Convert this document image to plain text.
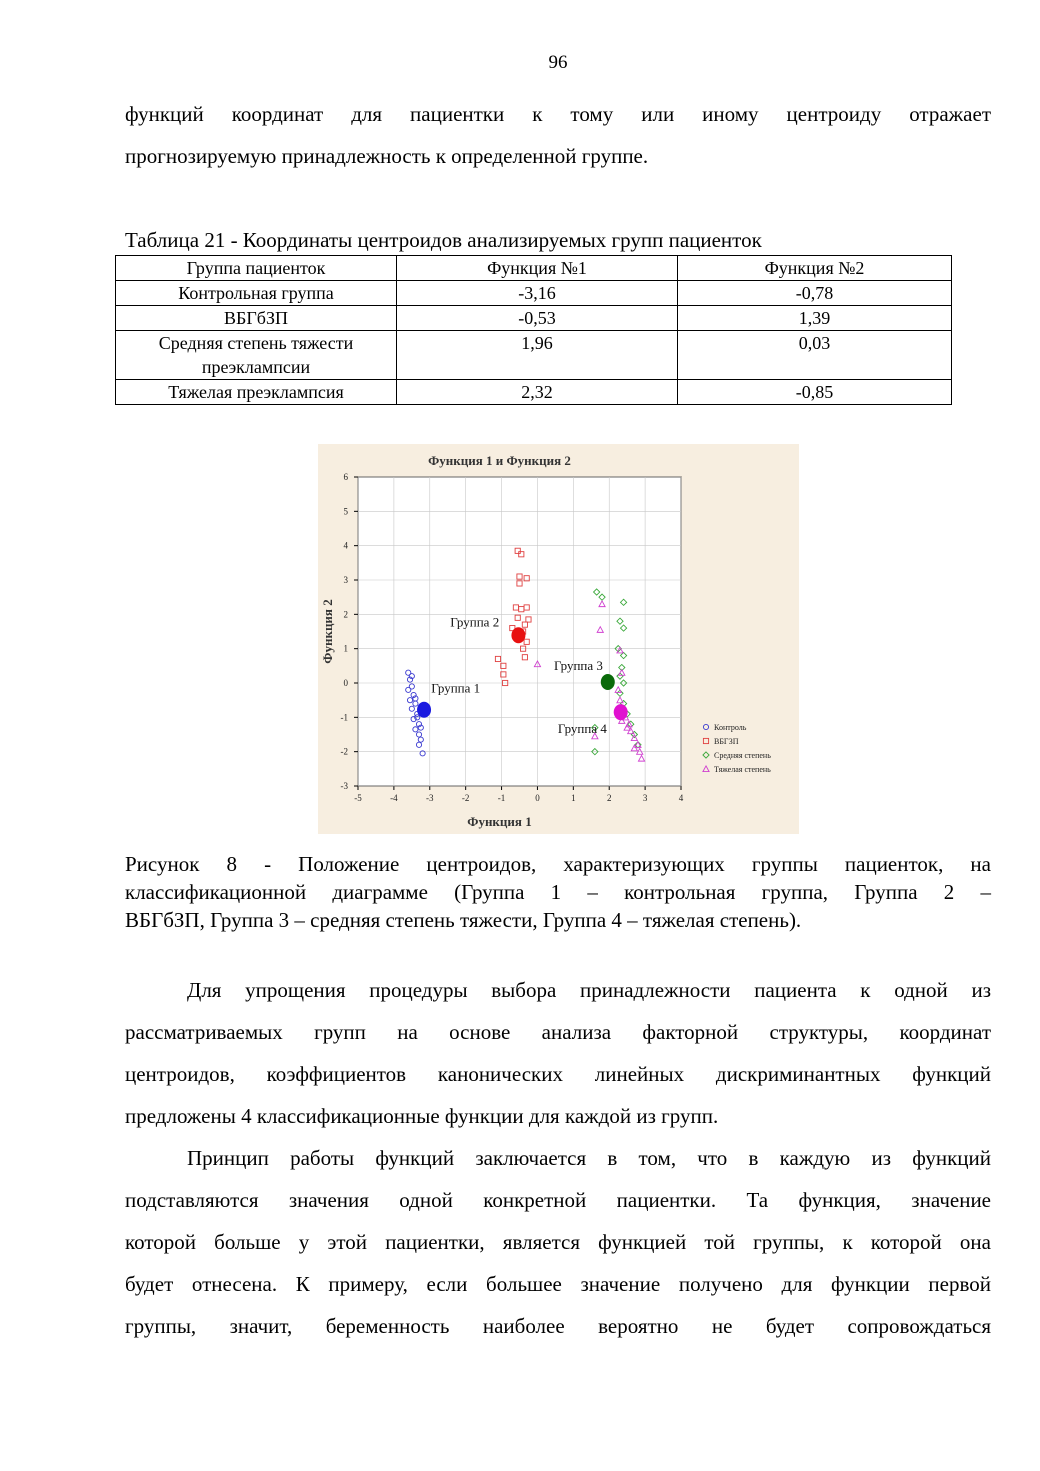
96
функций координат для пациентки к тому или иному центроиду отражает
прогнозируемую принадлежность к определенной группе.
Таблица 21 - Координаты центроидов анализируемых групп пациенток
Группа пациенток	Функция №1	Функция №2
Контрольная группа	-3,16	-0,78
ВБГбЗП	-0,53	1,39
Средняя степень тяжести преэклампсии	1,96	0,03
Тяжелая преэклампсия	2,32	-0,85
-5	-4	-3	-2	-1	0	1	2	3	4
-3
-2
-1
0
1
2
3
4
5
6
Функция 1 и Функция 2
Функция 1
Функция 2
Группа 1
Группа 2
Группа 3
Группа 4	Контроль
ВБГЗП
Средняя степень
Тяжелая степень
Рисунок 8 - Положение центроидов, характеризующих группы пациенток, на
классификационной диаграмме (Группа 1 – контрольная группа, Группа 2 –
ВБГбЗП, Группа 3 – средняя степень тяжести, Группа 4 – тяжелая степень).
Для упрощения процедуры выбора принадлежности пациента к одной из
рассматриваемых групп на основе анализа факторной структуры, координат
центроидов, коэффициентов канонических линейных дискриминантных функций
предложены 4 классификационные функции для каждой из групп.
Принцип работы функций заключается в том, что в каждую из функций
подставляются значения одной конкретной пациентки. Та функция, значение
которой больше у этой пациентки, является функцией той группы, к которой она
будет отнесена. К примеру, если большее значение получено для функции первой
группы, значит, беременность наиболее вероятно не будет сопровождаться
